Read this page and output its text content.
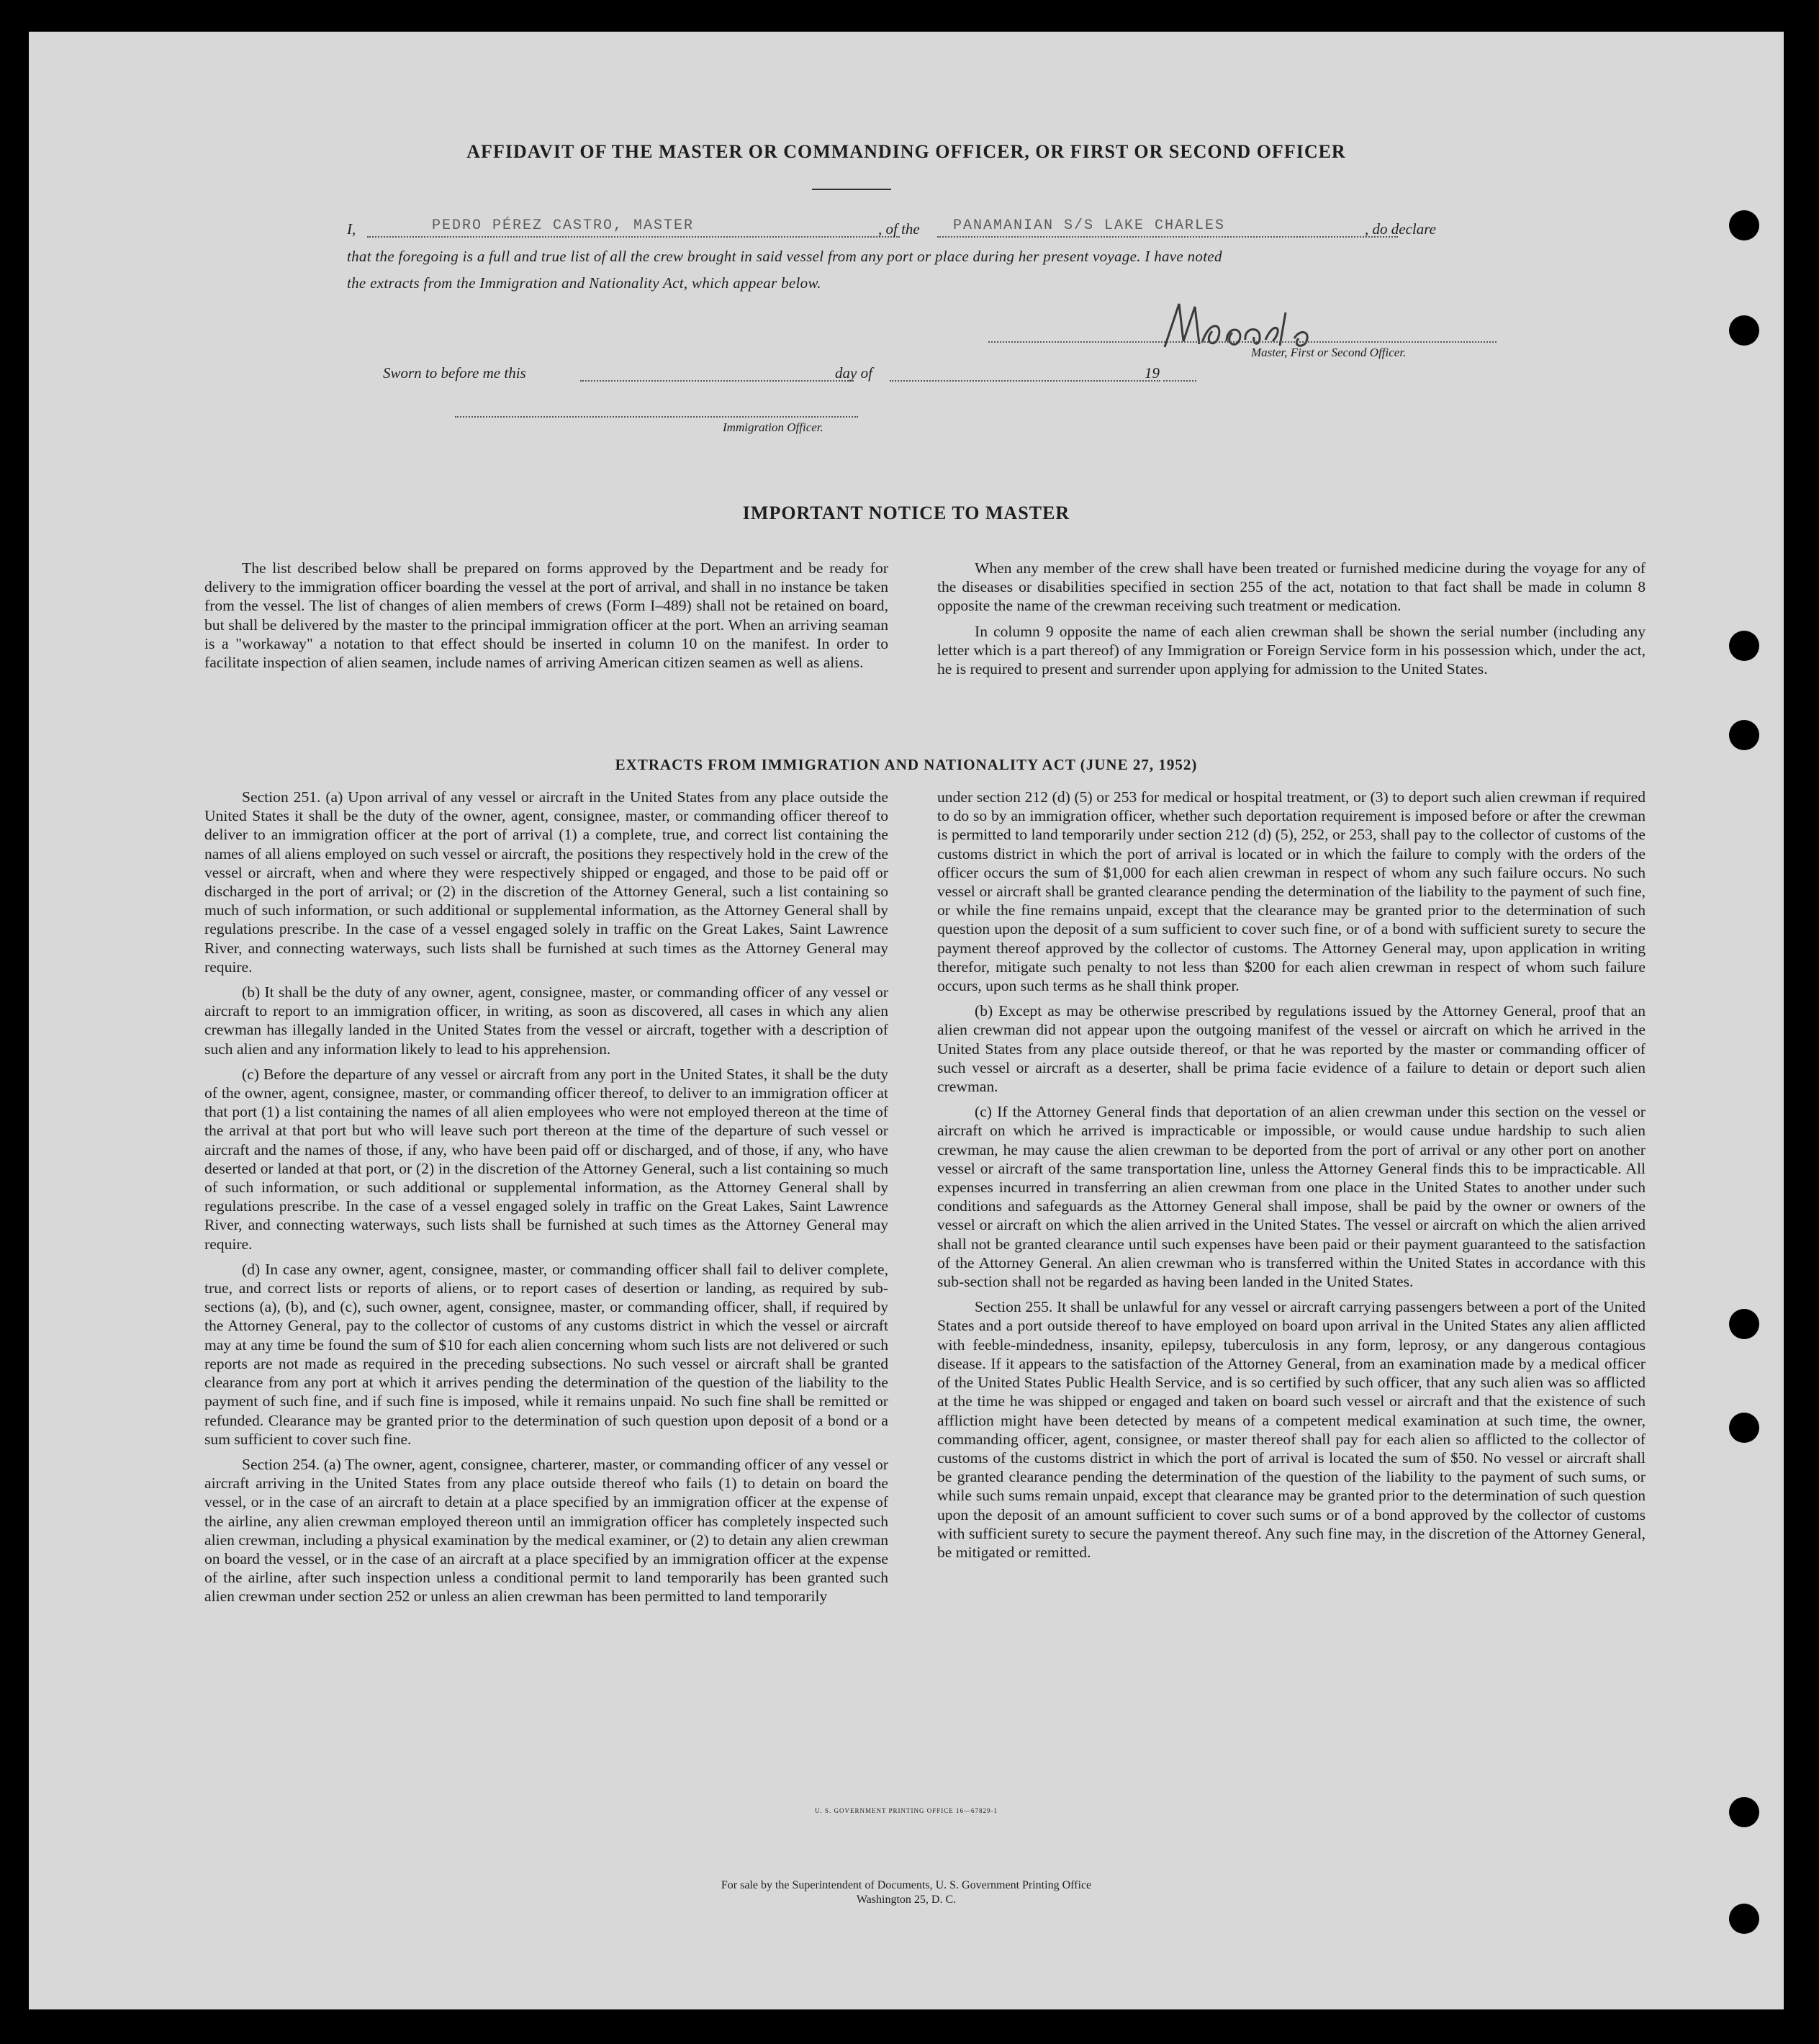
AFFIDAVIT OF THE MASTER OR COMMANDING OFFICER, OR FIRST OR SECOND OFFICER
I,	PEDRO PÉREZ CASTRO, MASTER	, of the PANAMANIAN S/S LAKE CHARLES	, do declare
that the foregoing is a full and true list of all the crew brought in said vessel from any port or place during her present voyage. I have noted
the extracts from the Immigration and Nationality Act, which appear below.
Master, First or Second Officer.
Sworn to before me this	day of	19
Immigration Officer.
IMPORTANT NOTICE TO MASTER

The list described below shall be prepared on forms approved by the Department and be ready for delivery to the immigration officer boarding the vessel at the port of arrival, and shall in no instance be taken from the vessel. The list of changes of alien members of crews (Form I–489) shall not be retained on board, but shall be delivered by the master to the principal immigration officer at the port. When an arriving seaman is a "workaway" a notation to that effect should be inserted in column 10 on the manifest. In order to facilitate inspection of alien seamen, include names of arriving American citizen seamen as well as aliens.

When any member of the crew shall have been treated or furnished medicine during the voyage for any of the diseases or disabilities specified in section 255 of the act, notation to that fact shall be made in column 8 opposite the name of the crewman receiving such treatment or medication.

In column 9 opposite the name of each alien crewman shall be shown the serial number (including any letter which is a part thereof) of any Immigration or Foreign Service form in his possession which, under the act, he is required to present and surrender upon applying for admission to the United States.

EXTRACTS FROM IMMIGRATION AND NATIONALITY ACT (JUNE 27, 1952)

Section 251. (a) Upon arrival of any vessel or aircraft in the United States from any place outside the United States it shall be the duty of the owner, agent, consignee, master, or commanding officer thereof to deliver to an immigration officer at the port of arrival (1) a complete, true, and correct list containing the names of all aliens employed on such vessel or aircraft, the positions they respectively hold in the crew of the vessel or aircraft, when and where they were respectively shipped or engaged, and those to be paid off or discharged in the port of arrival; or (2) in the discretion of the Attorney General, such a list containing so much of such information, or such additional or supplemental information, as the Attorney General shall by regulations prescribe. In the case of a vessel engaged solely in traffic on the Great Lakes, Saint Lawrence River, and connecting waterways, such lists shall be furnished at such times as the Attorney General may require.

(b) It shall be the duty of any owner, agent, consignee, master, or commanding officer of any vessel or aircraft to report to an immigration officer, in writing, as soon as discovered, all cases in which any alien crewman has illegally landed in the United States from the vessel or aircraft, together with a description of such alien and any information likely to lead to his apprehension.

(c) Before the departure of any vessel or aircraft from any port in the United States, it shall be the duty of the owner, agent, consignee, master, or commanding officer thereof, to deliver to an immigration officer at that port (1) a list containing the names of all alien employees who were not employed thereon at the time of the arrival at that port but who will leave such port thereon at the time of the departure of such vessel or aircraft and the names of those, if any, who have been paid off or discharged, and of those, if any, who have deserted or landed at that port, or (2) in the discretion of the Attorney General, such a list containing so much of such information, or such additional or supplemental information, as the Attorney General shall by regulations prescribe. In the case of a vessel engaged solely in traffic on the Great Lakes, Saint Lawrence River, and connecting waterways, such lists shall be furnished at such times as the Attorney General may require.

(d) In case any owner, agent, consignee, master, or commanding officer shall fail to deliver complete, true, and correct lists or reports of aliens, or to report cases of desertion or landing, as required by sub-sections (a), (b), and (c), such owner, agent, consignee, master, or commanding officer, shall, if required by the Attorney General, pay to the collector of customs of any customs district in which the vessel or aircraft may at any time be found the sum of $10 for each alien concerning whom such lists are not delivered or such reports are not made as required in the preceding subsections. No such vessel or aircraft shall be granted clearance from any port at which it arrives pending the determination of the question of the liability to the payment of such fine, and if such fine is imposed, while it remains unpaid. No such fine shall be remitted or refunded. Clearance may be granted prior to the determination of such question upon deposit of a bond or a sum sufficient to cover such fine.

Section 254. (a) The owner, agent, consignee, charterer, master, or commanding officer of any vessel or aircraft arriving in the United States from any place outside thereof who fails (1) to detain on board the vessel, or in the case of an aircraft to detain at a place specified by an immigration officer at the expense of the airline, any alien crewman employed thereon until an immigration officer has completely inspected such alien crewman, including a physical examination by the medical examiner, or (2) to detain any alien crewman on board the vessel, or in the case of an aircraft at a place specified by an immigration officer at the expense of the airline, after such inspection unless a conditional permit to land temporarily has been granted such alien crewman under section 252 or unless an alien crewman has been permitted to land temporarily

under section 212 (d) (5) or 253 for medical or hospital treatment, or (3) to deport such alien crewman if required to do so by an immigration officer, whether such deportation requirement is imposed before or after the crewman is permitted to land temporarily under section 212 (d) (5), 252, or 253, shall pay to the collector of customs of the customs district in which the port of arrival is located or in which the failure to comply with the orders of the officer occurs the sum of $1,000 for each alien crewman in respect of whom any such failure occurs. No such vessel or aircraft shall be granted clearance pending the determination of the liability to the payment of such fine, or while the fine remains unpaid, except that the clearance may be granted prior to the determination of such question upon the deposit of a sum sufficient to cover such fine, or of a bond with sufficient surety to secure the payment thereof approved by the collector of customs. The Attorney General may, upon application in writing therefor, mitigate such penalty to not less than $200 for each alien crewman in respect of whom such failure occurs, upon such terms as he shall think proper.

(b) Except as may be otherwise prescribed by regulations issued by the Attorney General, proof that an alien crewman did not appear upon the outgoing manifest of the vessel or aircraft on which he arrived in the United States from any place outside thereof, or that he was reported by the master or commanding officer of such vessel or aircraft as a deserter, shall be prima facie evidence of a failure to detain or deport such alien crewman.

(c) If the Attorney General finds that deportation of an alien crewman under this section on the vessel or aircraft on which he arrived is impracticable or impossible, or would cause undue hardship to such alien crewman, he may cause the alien crewman to be deported from the port of arrival or any other port on another vessel or aircraft of the same transportation line, unless the Attorney General finds this to be impracticable. All expenses incurred in transferring an alien crewman from one place in the United States to another under such conditions and safeguards as the Attorney General shall impose, shall be paid by the owner or owners of the vessel or aircraft on which the alien arrived in the United States. The vessel or aircraft on which the alien arrived shall not be granted clearance until such expenses have been paid or their payment guaranteed to the satisfaction of the Attorney General. An alien crewman who is transferred within the United States in accordance with this sub-section shall not be regarded as having been landed in the United States.

Section 255. It shall be unlawful for any vessel or aircraft carrying passengers between a port of the United States and a port outside thereof to have employed on board upon arrival in the United States any alien afflicted with feeble-mindedness, insanity, epilepsy, tuberculosis in any form, leprosy, or any dangerous contagious disease. If it appears to the satisfaction of the Attorney General, from an examination made by a medical officer of the United States Public Health Service, and is so certified by such officer, that any such alien was so afflicted at the time he was shipped or engaged and taken on board such vessel or aircraft and that the existence of such affliction might have been detected by means of a competent medical examination at such time, the owner, commanding officer, agent, consignee, or master thereof shall pay for each alien so afflicted to the collector of customs of the customs district in which the port of arrival is located the sum of $50. No vessel or aircraft shall be granted clearance pending the determination of the question of the liability to the payment of such sums, or while such sums remain unpaid, except that clearance may be granted prior to the determination of such question upon the deposit of an amount sufficient to cover such sums or of a bond approved by the collector of customs with sufficient surety to secure the payment thereof. Any such fine may, in the discretion of the Attorney General, be mitigated or remitted.

U. S. GOVERNMENT PRINTING OFFICE 16—67829-1
For sale by the Superintendent of Documents, U. S. Government Printing Office
Washington 25, D. C.
